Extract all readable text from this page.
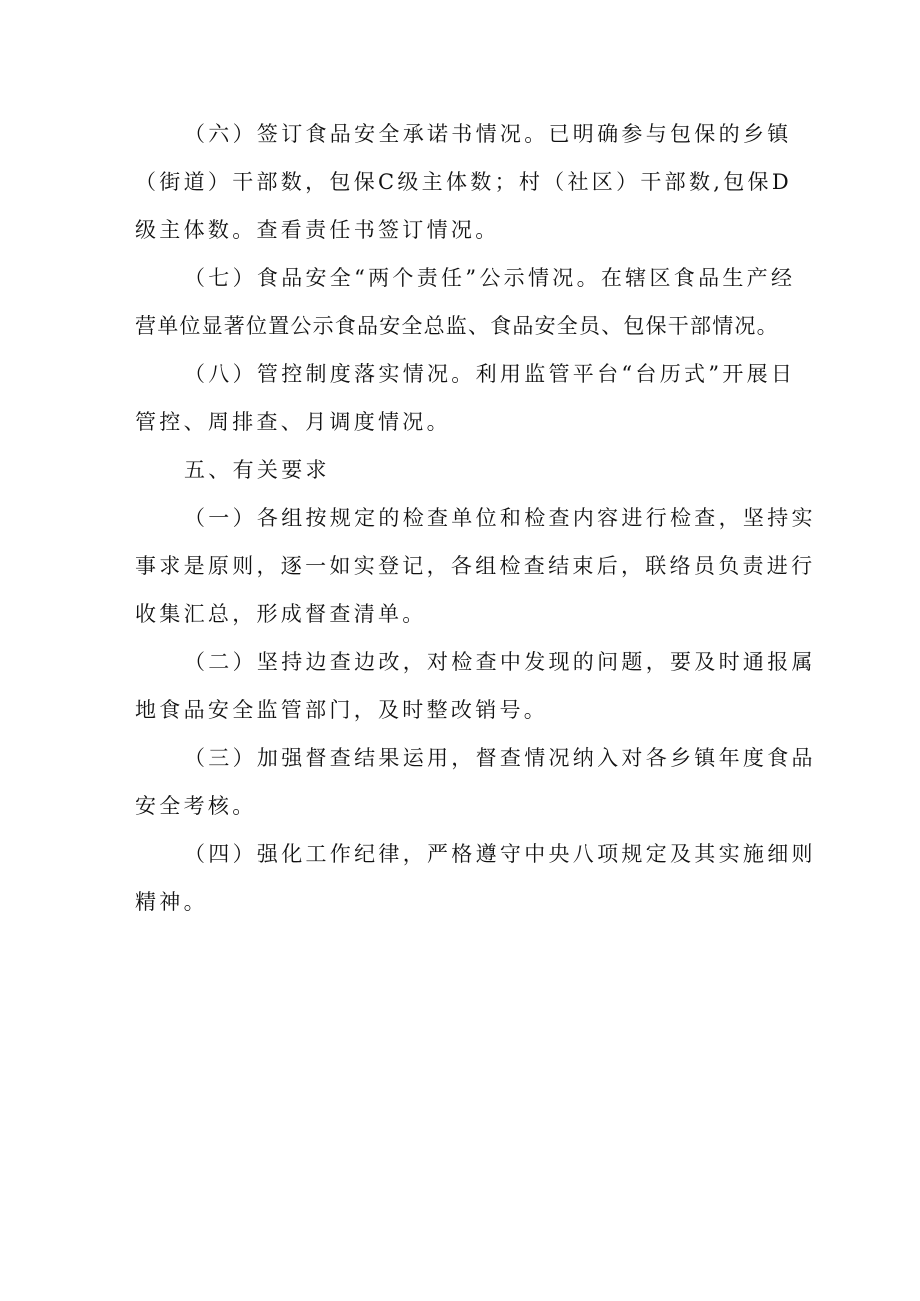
（六）签订食品安全承诺书情况。已明确参与包保的乡镇
（街道）干部数，包保C级主体数；村（社区）干部数,包保D
级主体数。查看责任书签订情况。

（七）食品安全“两个责任”公示情况。在辖区食品生产经
营单位显著位置公示食品安全总监、食品安全员、包保干部情况。

（八）管控制度落实情况。利用监管平台“台历式”开展日
管控、周排查、月调度情况。

五、有关要求

（一）各组按规定的检查单位和检查内容进行检查，坚持实
事求是原则，逐一如实登记，各组检查结束后，联络员负责进行
收集汇总，形成督查清单。

（二）坚持边查边改，对检查中发现的问题，要及时通报属
地食品安全监管部门，及时整改销号。

（三）加强督查结果运用，督查情况纳入对各乡镇年度食品
安全考核。

（四）强化工作纪律，严格遵守中央八项规定及其实施细则
精神。
